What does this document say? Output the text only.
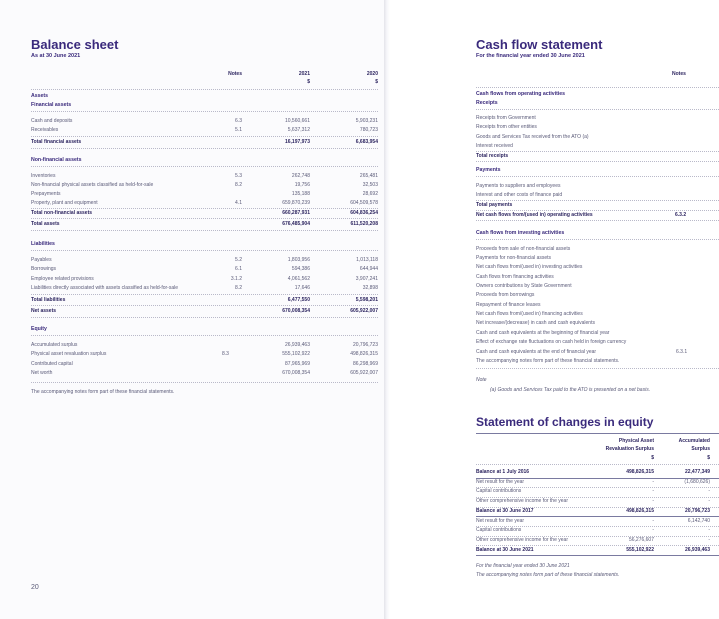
Balance sheet
As at 30 June 2021
Notes	2021
$
2020
$
Assets
Financial assets
Cash and deposits	6.3	10,560,661	5,903,231
Receivables	5.1	5,637,312	780,723
Total financial assets	16,197,973	6,683,954
Non-financial assets
Inventories	5.3	262,748	265,481
Non-financial physical assets classified as held-for-sale	8.2	19,756	32,503
Prepayments	135,188	28,692
Property, plant and equipment	4.1	659,870,239	604,509,578
Total non-financial assets	660,287,931	604,836,254
Total assets	676,485,904	611,520,208
Liabilities
Payables	5.2	1,803,956	1,013,118
Borrowings	6.1	594,386	644,944
Employee related provisions	3.1.2	4,061,562	3,907,241
Liabilities directly associated with assets classified as held-for-sale	8.2	17,646	32,898
Total liabilities	6,477,550	5,598,201
Net assets	670,008,354	605,922,007
Equity
Accumulated surplus	26,939,463	20,796,723
Physical asset revaluation surplus	8.3	555,102,922	498,826,315
Contributed capital	87,965,969	86,298,969
Net worth	670,008,354	605,922,007
The accompanying notes form part of these financial statements.
20
Cash flow statement
For the financial year ended 30 June 2021
Notes
Cash flows from operating activities
Receipts
Receipts from Government
Receipts from other entities
Goods and Services Tax received from the ATO (a)
Interest received
Total receipts
Payments
Payments to suppliers and employees
Interest and other costs of finance paid
Total payments
Net cash flows from/(used in) operating activities	6.3.2
Cash flows from investing activities
Proceeds from sale of non-financial assets
Payments for non-financial assets
Net cash flows from/(used in) investing activities
Cash flows from financing activities
Owners contributions by State Government
Proceeds from borrowings
Repayment of finance leases
Net cash flows from/(used in) financing activities
Net increase/(decrease) in cash and cash equivalents
Cash and cash equivalents at the beginning of financial year
Effect of exchange rate fluctuations on cash held in foreign currency
Cash and cash equivalents at the end of financial year	6.3.1
The accompanying notes form part of these financial statements.
Note
(a) Goods and Services Tax paid to the ATO is presented on a net basis.
Statement of changes in equity
Physical Asset
Revaluation Surplus
$
Accumulated
Surplus
$
Balance at 1 July 2016	498,826,315	22,477,349
Net result for the year	-	(1,680,626)
Capital contributions	-	-
Other comprehensive income for the year	-	-
Balance at 30 June 2017	498,826,315	20,796,723
Net result for the year	-	6,142,740
Capital contributions	-	-
Other comprehensive income for the year	56,276,607	-
Balance at 30 June 2021	555,102,922	26,939,463
For the financial year ended 30 June 2021
The accompanying notes form part of these financial statements.
